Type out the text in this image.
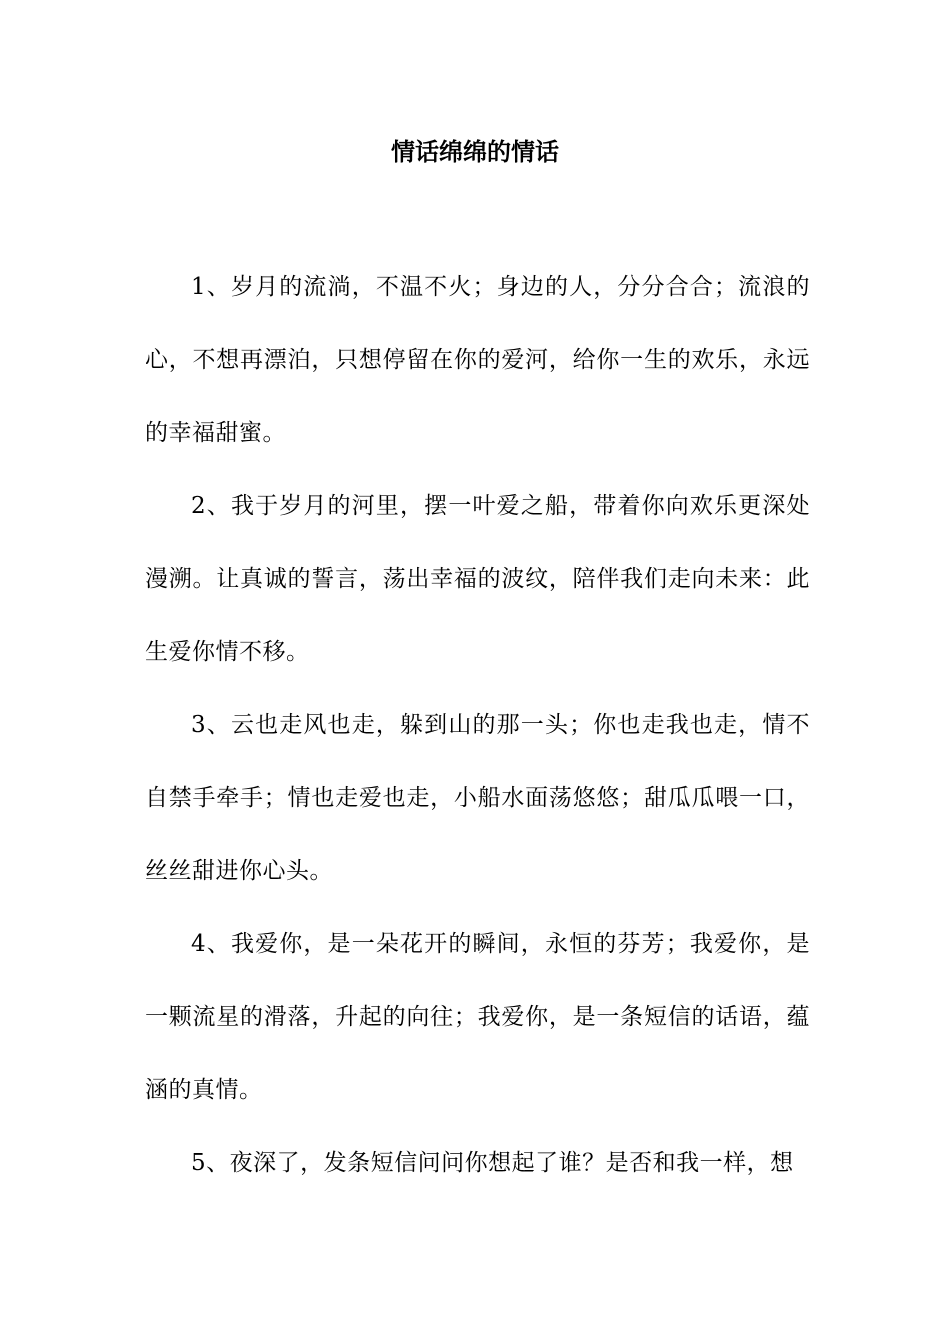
情话绵绵的情话

1、岁月的流淌，不温不火；身边的人，分分合合；流浪的心，不想再漂泊，只想停留在你的爱河，给你一生的欢乐，永远的幸福甜蜜。

2、我于岁月的河里，摆一叶爱之船，带着你向欢乐更深处漫溯。让真诚的誓言，荡出幸福的波纹，陪伴我们走向未来：此生爱你情不移。

3、云也走风也走，躲到山的那一头；你也走我也走，情不自禁手牵手；情也走爱也走，小船水面荡悠悠；甜瓜瓜喂一口，丝丝甜进你心头。

4、我爱你，是一朵花开的瞬间，永恒的芬芳；我爱你，是一颗流星的滑落，升起的向往；我爱你，是一条短信的话语，蕴涵的真情。

5、夜深了，发条短信问问你想起了谁？是否和我一样，想
